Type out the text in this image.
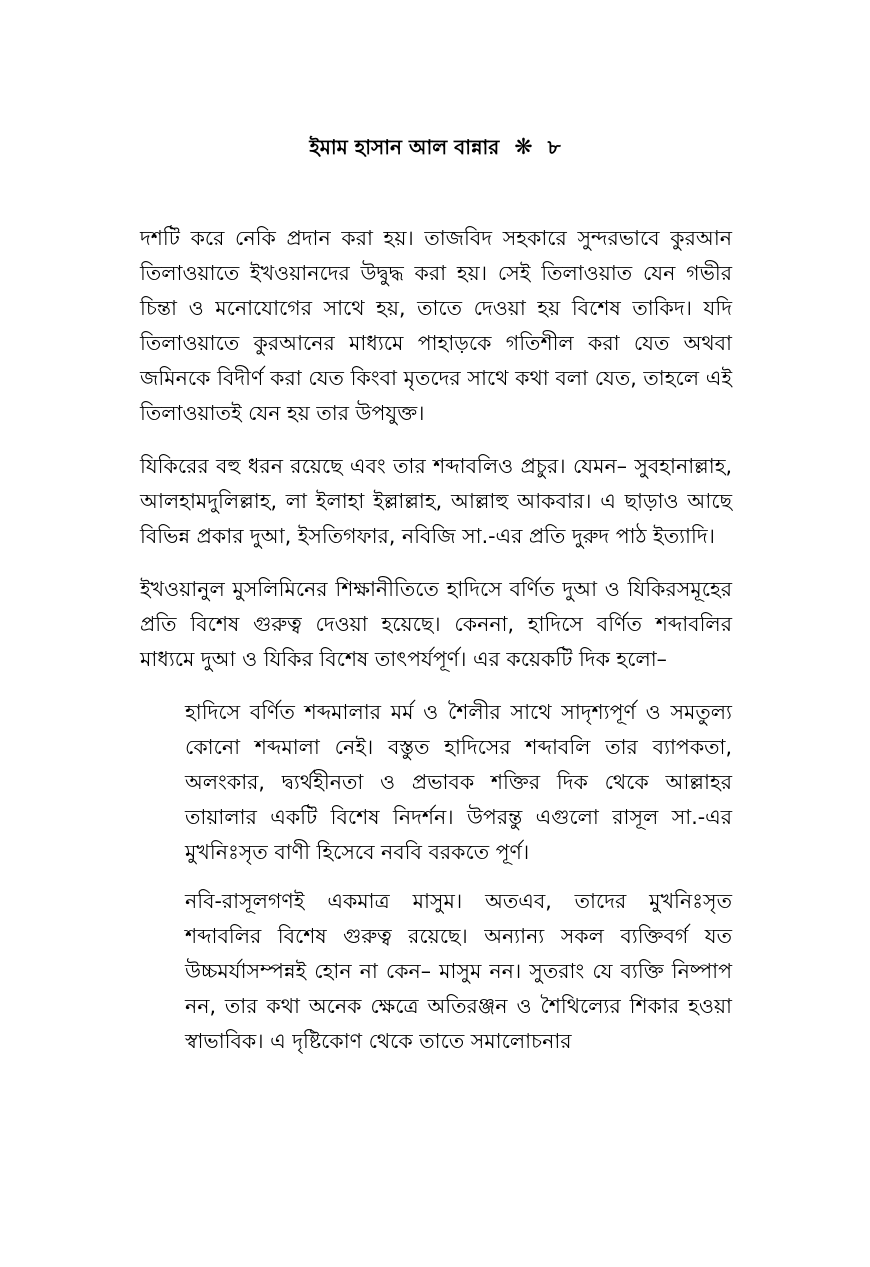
ইমাম হাসান আল বান্নার ❋ ৮

দশটি করে নেকি প্রদান করা হয়। তাজবিদ সহকারে সুন্দরভাবে কুরআন তিলাওয়াতে ইখওয়ানদের উদ্বুদ্ধ করা হয়। সেই তিলাওয়াত যেন গভীর চিন্তা ও মনোযোগের সাথে হয়, তাতে দেওয়া হয় বিশেষ তাকিদ। যদি তিলাওয়াতে কুরআনের মাধ্যমে পাহাড়কে গতিশীল করা যেত অথবা জমিনকে বিদীর্ণ করা যেত কিংবা মৃতদের সাথে কথা বলা যেত, তাহলে এই তিলাওয়াতই যেন হয় তার উপযুক্ত।

যিকিরের বহু ধরন রয়েছে এবং তার শব্দাবলিও প্রচুর। যেমন– সুবহানাল্লাহ, আলহামদুলিল্লাহ, লা ইলাহা ইল্লাল্লাহ, আল্লাহু আকবার। এ ছাড়াও আছে বিভিন্ন প্রকার দুআ, ইসতিগফার, নবিজি সা.-এর প্রতি দুরুদ পাঠ ইত্যাদি।

ইখওয়ানুল মুসলিমিনের শিক্ষানীতিতে হাদিসে বর্ণিত দুআ ও যিকিরসমূহের প্রতি বিশেষ গুরুত্ব দেওয়া হয়েছে। কেননা, হাদিসে বর্ণিত শব্দাবলির মাধ্যমে দুআ ও যিকির বিশেষ তাৎপর্যপূর্ণ। এর কয়েকটি দিক হলো–

হাদিসে বর্ণিত শব্দমালার মর্ম ও শৈলীর সাথে সাদৃশ্যপূর্ণ ও সমতুল্য কোনো শব্দমালা নেই। বস্তুত হাদিসের শব্দাবলি তার ব্যাপকতা, অলংকার, দ্ব্যর্থহীনতা ও প্রভাবক শক্তির দিক থেকে আল্লাহর তায়ালার একটি বিশেষ নিদর্শন। উপরন্তু এগুলো রাসূল সা.-এর মুখনিঃসৃত বাণী হিসেবে নববি বরকতে পূর্ণ।

নবি-রাসূলগণই একমাত্র মাসুম। অতএব, তাদের মুখনিঃসৃত শব্দাবলির বিশেষ গুরুত্ব রয়েছে। অন্যান্য সকল ব্যক্তিবর্গ যত উচ্চমর্যাসম্পন্নই হোন না কেন– মাসুম নন। সুতরাং যে ব্যক্তি নিষ্পাপ নন, তার কথা অনেক ক্ষেত্রে অতিরঞ্জন ও শৈথিল্যের শিকার হওয়া স্বাভাবিক। এ দৃষ্টিকোণ থেকে তাতে সমালোচনার
